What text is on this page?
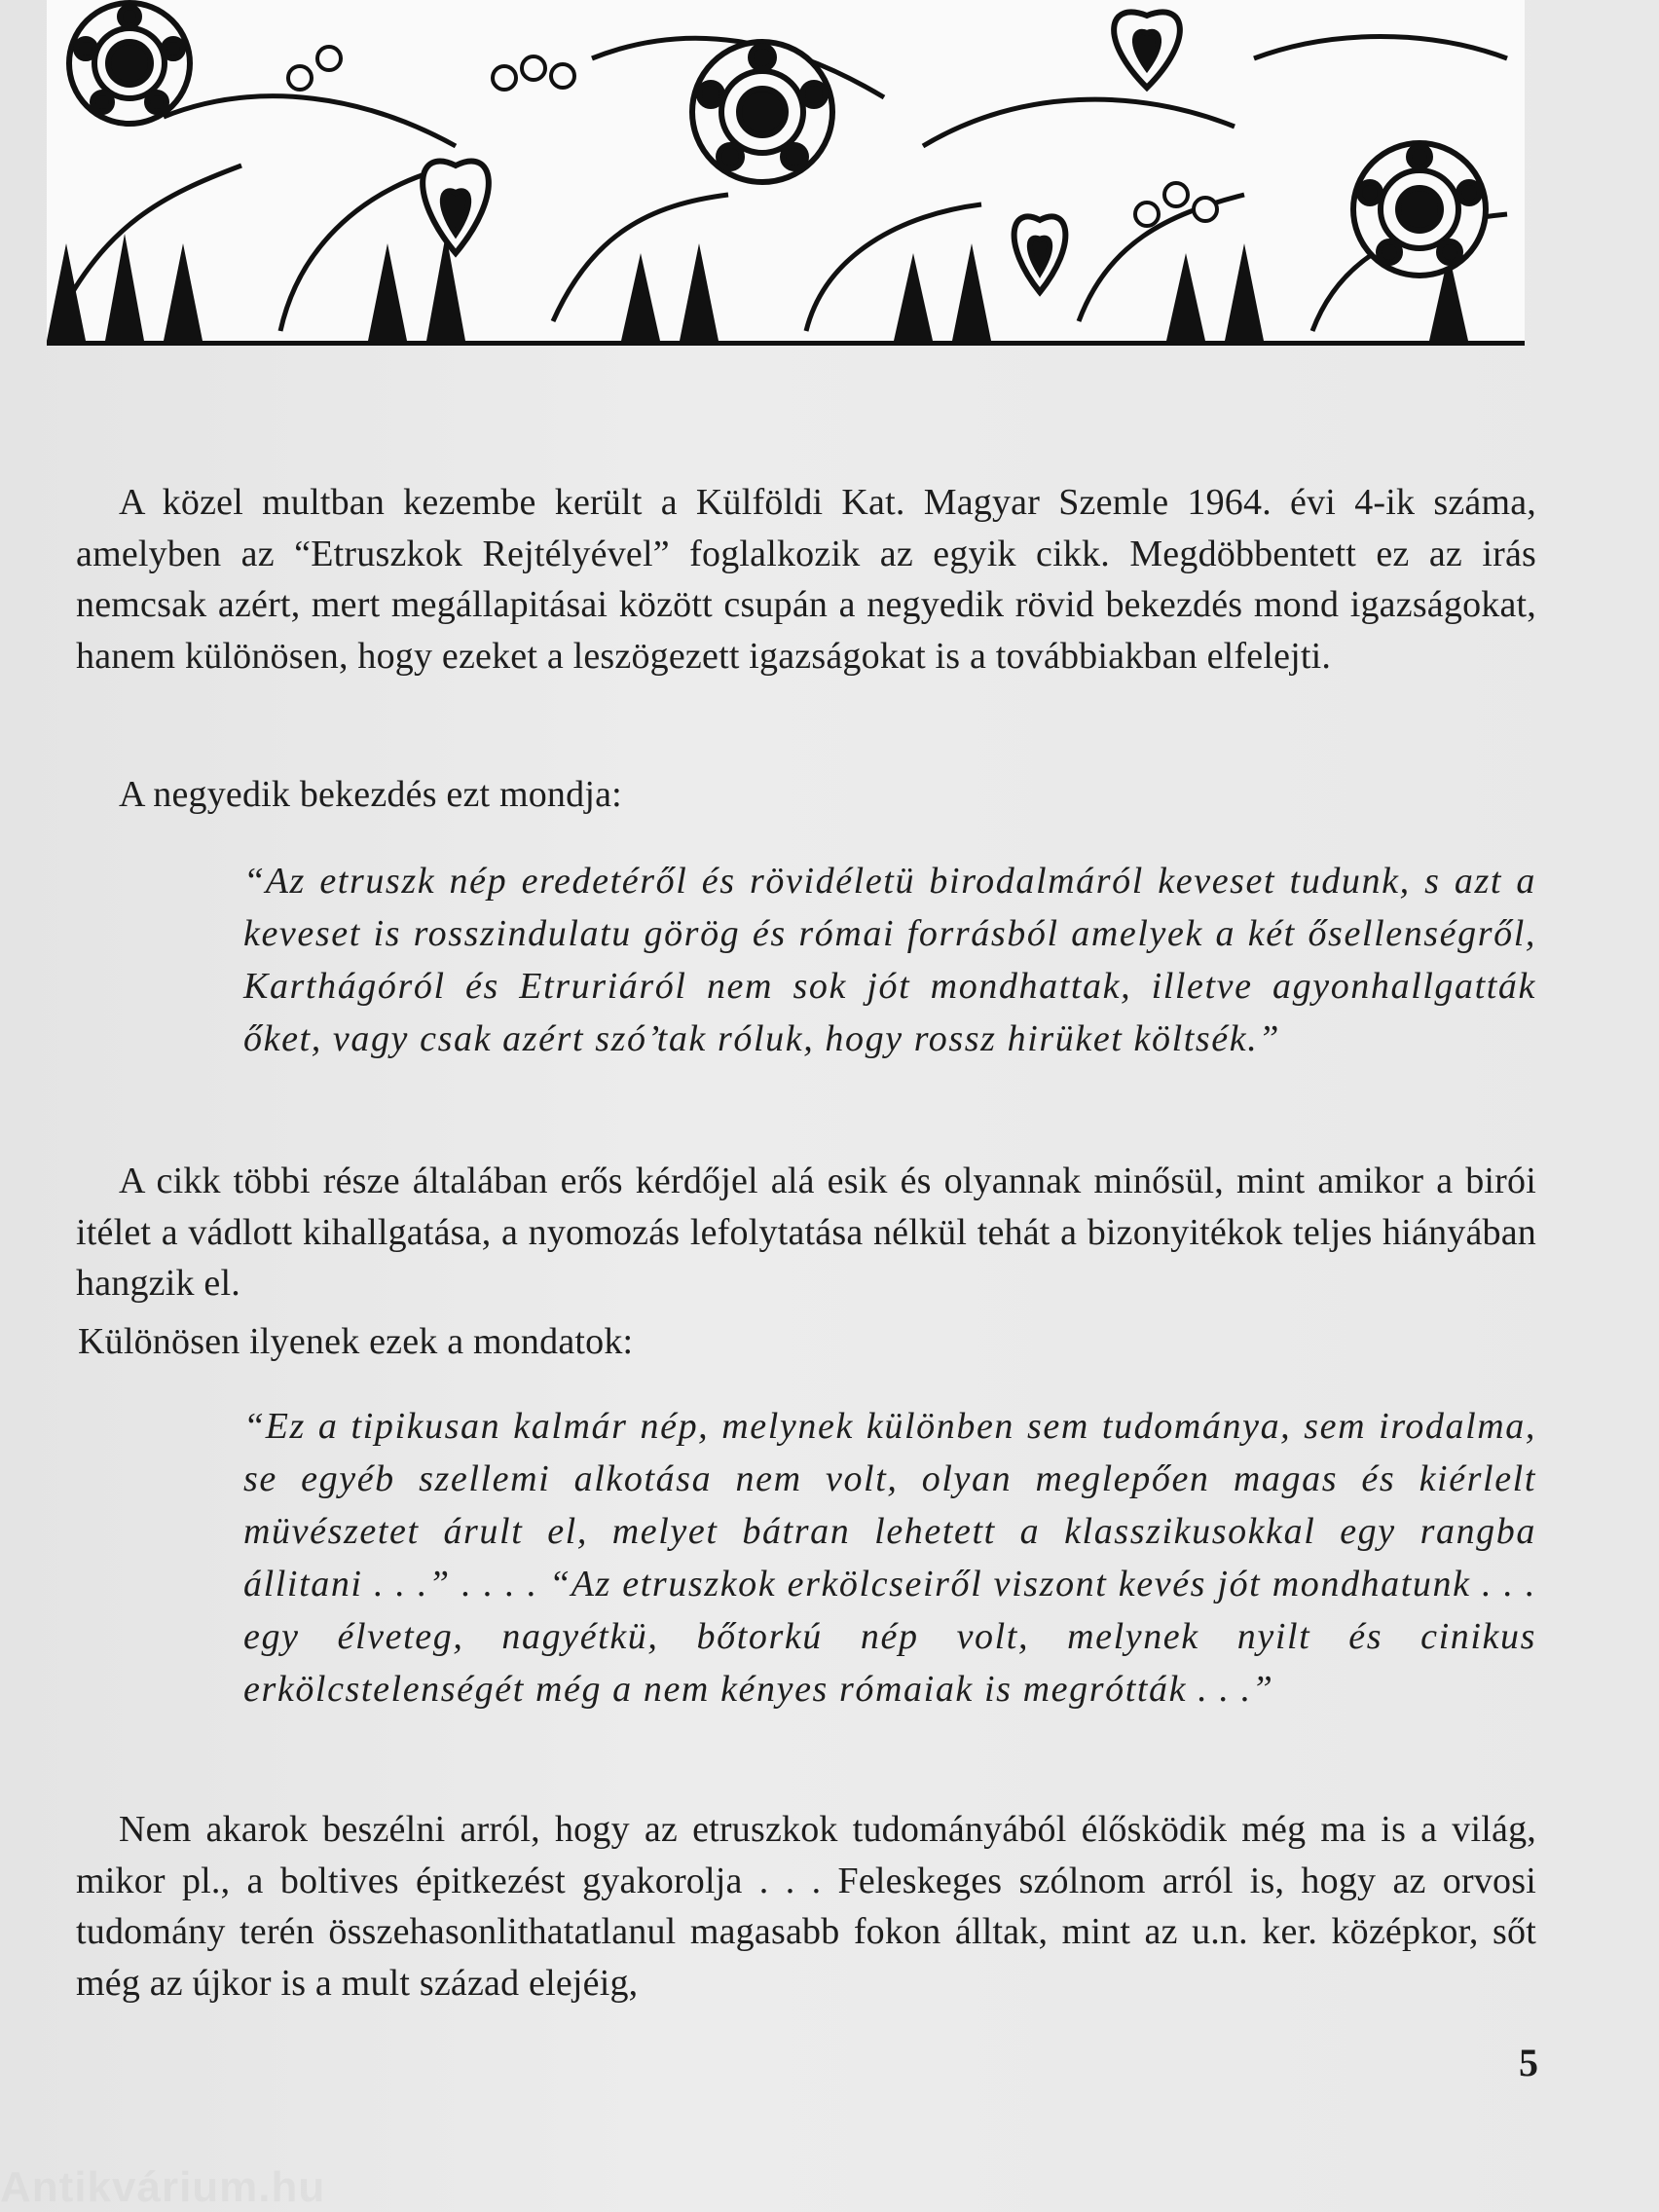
A közel multban kezembe került a Külföldi Kat. Magyar Szemle 1964. évi 4-ik száma, amelyben az “Etruszkok Rejtélyével” foglalkozik az egyik cikk. Megdöbbentett ez az irás nemcsak azért, mert megállapitásai között csupán a negyedik rövid bekezdés mond igazságokat, hanem különösen, hogy ezeket a leszögezett igazságokat is a továbbiakban elfelejti.

A negyedik bekezdés ezt mondja:

“Az etruszk nép eredetéről és rövidéletü birodalmáról keveset tudunk, s azt a keveset is rosszindulatu görög és római forrásból amelyek a két ősellenségről, Karthágóról és Etruriáról nem sok jót mondhattak, illetve agyonhallgatták őket, vagy csak azért szó’tak róluk, hogy rossz hirüket költsék.”

A cikk többi része általában erős kérdőjel alá esik és olyannak minősül, mint amikor a birói itélet a vádlott kihallgatása, a nyomozás lefolytatása nélkül tehát a bizonyitékok teljes hiányában hangzik el.

Különösen ilyenek ezek a mondatok:

“Ez a tipikusan kalmár nép, melynek különben sem tudománya, sem irodalma, se egyéb szellemi alkotása nem volt, olyan meglepően magas és kiérlelt müvészetet árult el, melyet bátran lehetett a klasszikusokkal egy rangba állitani . . .” . . . . “Az etruszkok erkölcseiről viszont kevés jót mondhatunk . . . egy élveteg, nagyétkü, bőtorkú nép volt, melynek nyilt és cinikus erkölcstelenségét még a nem kényes rómaiak is megrótták . . .”

Nem akarok beszélni arról, hogy az etruszkok tudományából élősködik még ma is a világ, mikor pl., a boltives épitkezést gyakorolja . . . Feleskeges szólnom arról is, hogy az orvosi tudomány terén összehasonlithatatlanul magasabb fokon álltak, mint az u.n. ker. középkor, sőt még az újkor is a mult század elejéig,

5
Antikvárium.hu
